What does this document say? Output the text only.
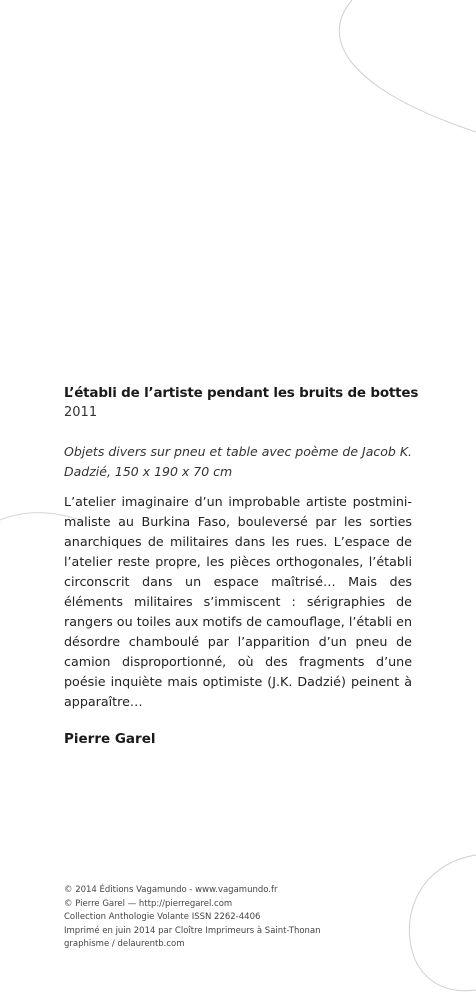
L’établi de l’artiste pendant les bruits de bottes
2011
Objets divers sur pneu et table avec poème de Jacob K. Dadzié, 150 x 190 x 70 cm
L’atelier imaginaire d’un improbable artiste postmini-maliste au Burkina Faso, bouleversé par les sorties anarchiques de militaires dans les rues. L’espace de l’atelier reste propre, les pièces orthogonales, l’établi circonscrit dans un espace maîtrisé… Mais des éléments militaires s’immiscent : sérigraphies de rangers ou toiles aux motifs de camouflage, l’établi en désordre chamboulé par l’apparition d’un pneu de camion disproportionné, où des fragments d’une poésie inquiète mais optimiste (J.K. Dadzié) peinent à apparaître…
Pierre Garel
© 2014 Éditions Vagamundo - www.vagamundo.fr
© Pierre Garel — http://pierregarel.com
Collection Anthologie Volante ISSN 2262-4406
Imprimé en juin 2014 par Cloître Imprimeurs à Saint-Thonan
graphisme / delaurentb.com
